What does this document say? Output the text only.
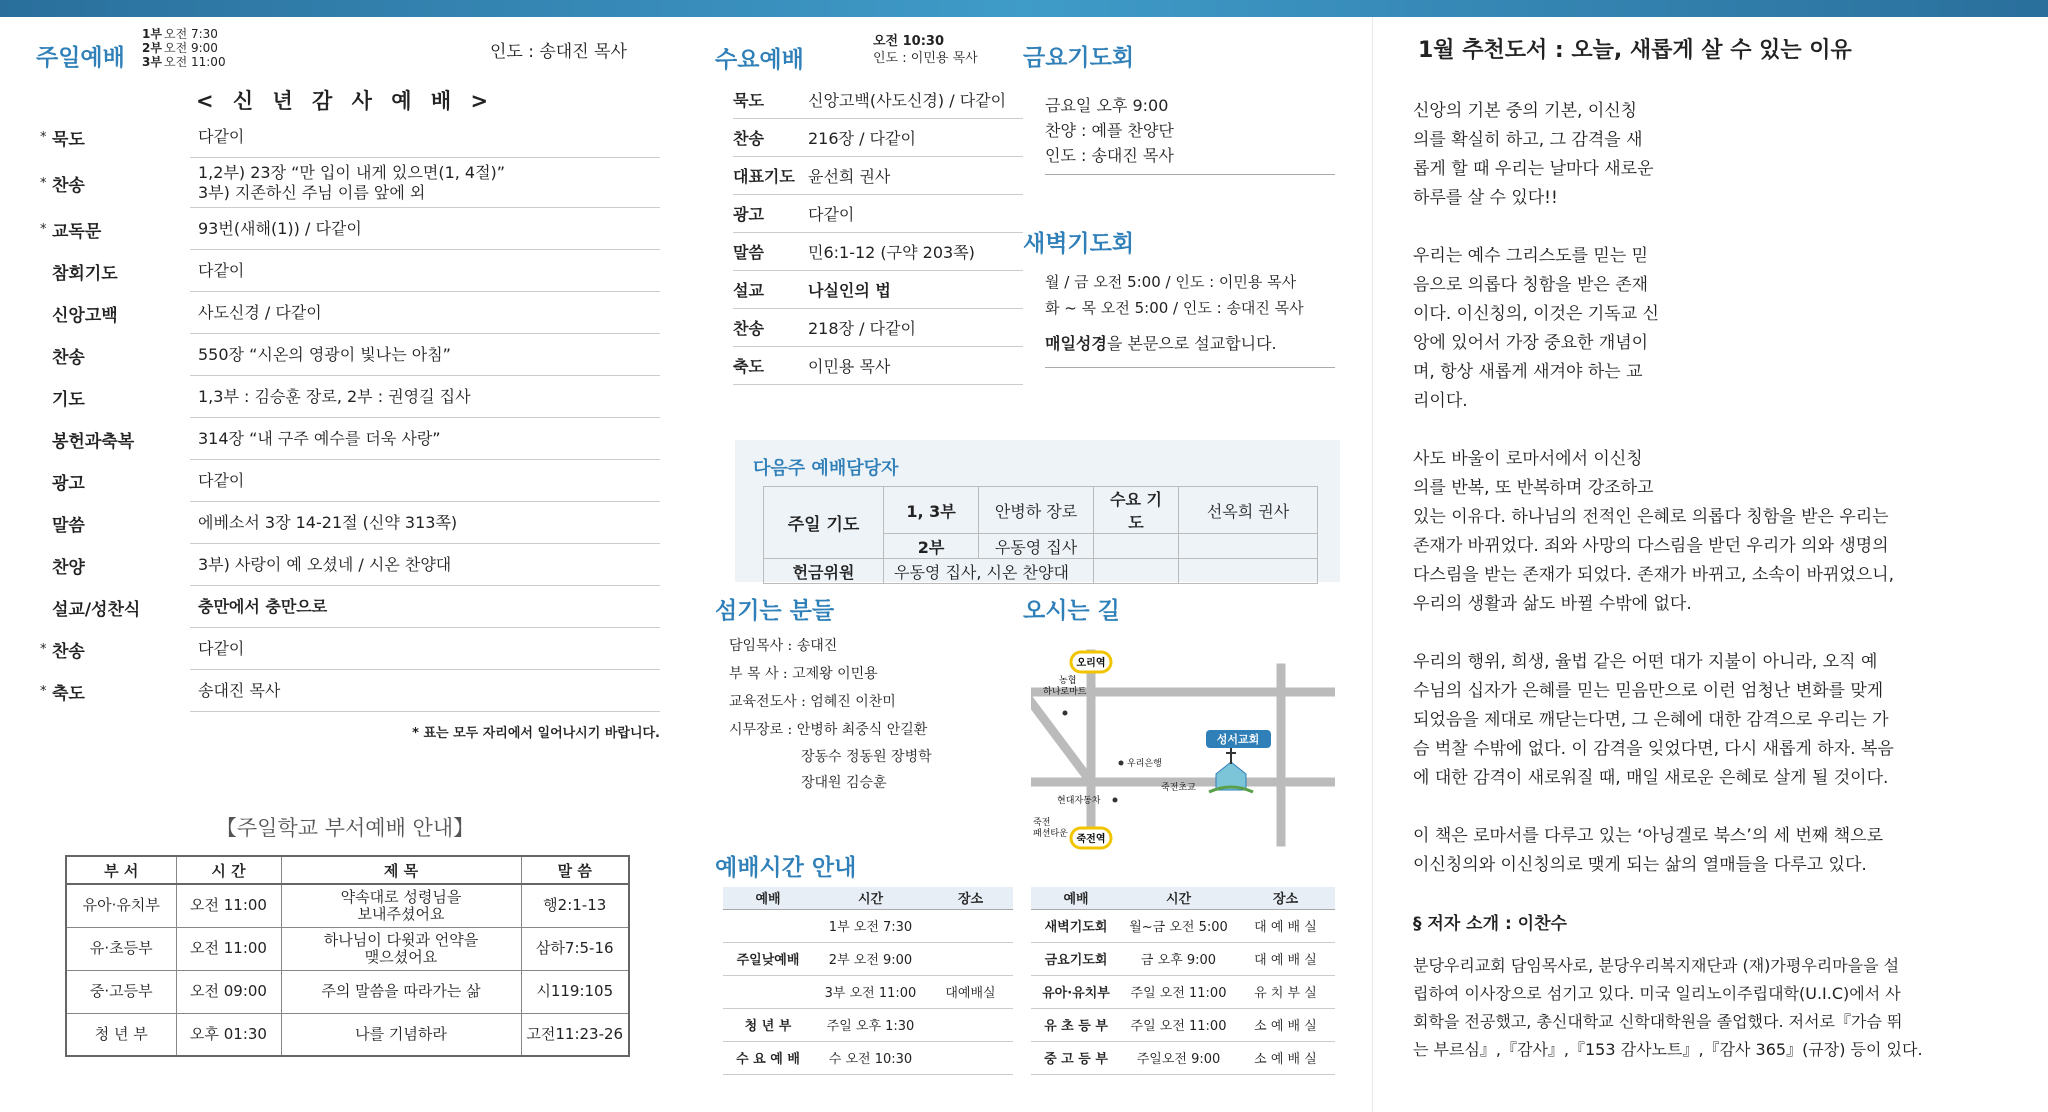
주일예배
1부 오전 7:30
2부 오전 9:00
3부 오전 11:00	인도 : 송대진 목사
< 신 년 감 사 예 배 >
* 묵도	다같이
* 찬송
1,2부) 23장 “만 입이 내게 있으면(1, 4절)”
3부) 지존하신 주님 이름 앞에 외
* 교독문	93번(새해(1)) / 다같이
참회기도	다같이
신앙고백	사도신경 / 다같이
찬송	550장 “시온의 영광이 빛나는 아침”
기도	1,3부 : 김승훈 장로, 2부 : 권영길 집사
봉헌과축복	314장 “내 구주 예수를 더욱 사랑”
광고	다같이
말씀	에베소서 3장 14-21절 (신약 313쪽)
찬양	3부) 사랑이 예 오셨네 / 시온 찬양대
설교/성찬식	충만에서 충만으로
* 찬송	다같이
* 축도	송대진 목사
* 표는 모두 자리에서 일어나시기 바랍니다.
【주일학교 부서예배 안내】
부 서	시 간	제 목	말 씀
유아·유치부	오전 11:00	약속대로 성령님을
보내주셨어요	행2:1-13
유·초등부	오전 11:00	하나님이 다윗과 언약을
맺으셨어요	삼하7:5-16
중·고등부	오전 09:00	주의 말씀을 따라가는 삶	시119:105
청 년 부	오후 01:30	나를 기념하라	고전11:23-26
수요예배
오전 10:30
인도 : 이민용 목사
묵도	신앙고백(사도신경) / 다같이
찬송	216장 / 다같이
대표기도 윤선희 권사
광고	다같이
말씀	민6:1-12 (구약 203쪽)
설교	나실인의 법
찬송	218장 / 다같이
축도	이민용 목사
금요기도회
금요일 오후 9:00
찬양 : 예플 찬양단
인도 : 송대진 목사
새벽기도회
월 / 금 오전 5:00 / 인도 : 이민용 목사
화 ~ 목 오전 5:00 / 인도 : 송대진 목사
매일성경을 본문으로 설교합니다.
다음주 예배담당자
주일 기도	1, 3부	안병하 장로	수요 기도	선옥희 권사
	2부	우동영 집사		
헌금위원	우동영 집사, 시온 찬양대			
섬기는 분들
담임목사 : 송대진
부 목 사 : 고제왕 이민용
교육전도사 : 엄혜진 이찬미
시무장로 : 안병하 최중식 안길환
장동수 정동원 장병학
장대원 김승훈
오시는 길
오리역
농협 하나로마트
우리은행
죽전초교
현대자동차
성서교회
죽전 패션타운 죽전역
예배시간 안내
예배	시간	장소
	1부 오전 7:30	
주일낮예배	2부 오전 9:00	
	3부 오전 11:00	대예배실
청 년 부	주일 오후 1:30	
수 요 예 배	수 오전 10:30	
예배	시간	장소
새벽기도회	월~금 오전 5:00	대 예 배 실
금요기도회	금 오후 9:00	대 예 배 실
유아·유치부	주일 오전 11:00	유 치 부 실
유 초 등 부	주일 오전 11:00	소 예 배 실
중 고 등 부	주일오전 9:00	소 예 배 실
1월 추천도서 : 오늘, 새롭게 살 수 있는 이유

신앙의 기본 중의 기본, 이신칭
의를 확실히 하고, 그 감격을 새
롭게 할 때 우리는 날마다 새로운
하루를 살 수 있다!!

우리는 예수 그리스도를 믿는 믿
음으로 의롭다 칭함을 받은 존재
이다. 이신칭의, 이것은 기독교 신
앙에 있어서 가장 중요한 개념이
며, 항상 새롭게 새겨야 하는 교
리이다.

사도 바울이 로마서에서 이신칭
의를 반복, 또 반복하며 강조하고
있는 이유다. 하나님의 전적인 은혜로 의롭다 칭함을 받은 우리는
존재가 바뀌었다. 죄와 사망의 다스림을 받던 우리가 의와 생명의
다스림을 받는 존재가 되었다. 존재가 바뀌고, 소속이 바뀌었으니,
우리의 생활과 삶도 바뀔 수밖에 없다.

우리의 행위, 희생, 율법 같은 어떤 대가 지불이 아니라, 오직 예
수님의 십자가 은혜를 믿는 믿음만으로 이런 엄청난 변화를 맞게
되었음을 제대로 깨닫는다면, 그 은혜에 대한 감격으로 우리는 가
슴 벅찰 수밖에 없다. 이 감격을 잊었다면, 다시 새롭게 하자. 복음
에 대한 감격이 새로워질 때, 매일 새로운 은혜로 살게 될 것이다.

이 책은 로마서를 다루고 있는 ‘아닝겔로 북스’의 세 번째 책으로
이신칭의와 이신칭의로 맺게 되는 삶의 열매들을 다루고 있다.

§ 저자 소개 : 이찬수
분당우리교회 담임목사로, 분당우리복지재단과 (재)가평우리마을을 설
립하여 이사장으로 섬기고 있다. 미국 일리노이주립대학(U.I.C)에서 사
회학을 전공했고, 총신대학교 신학대학원을 졸업했다. 저서로『가슴 뛰
는 부르심』,『감사』,『153 감사노트』,『감사 365』(규장) 등이 있다.
